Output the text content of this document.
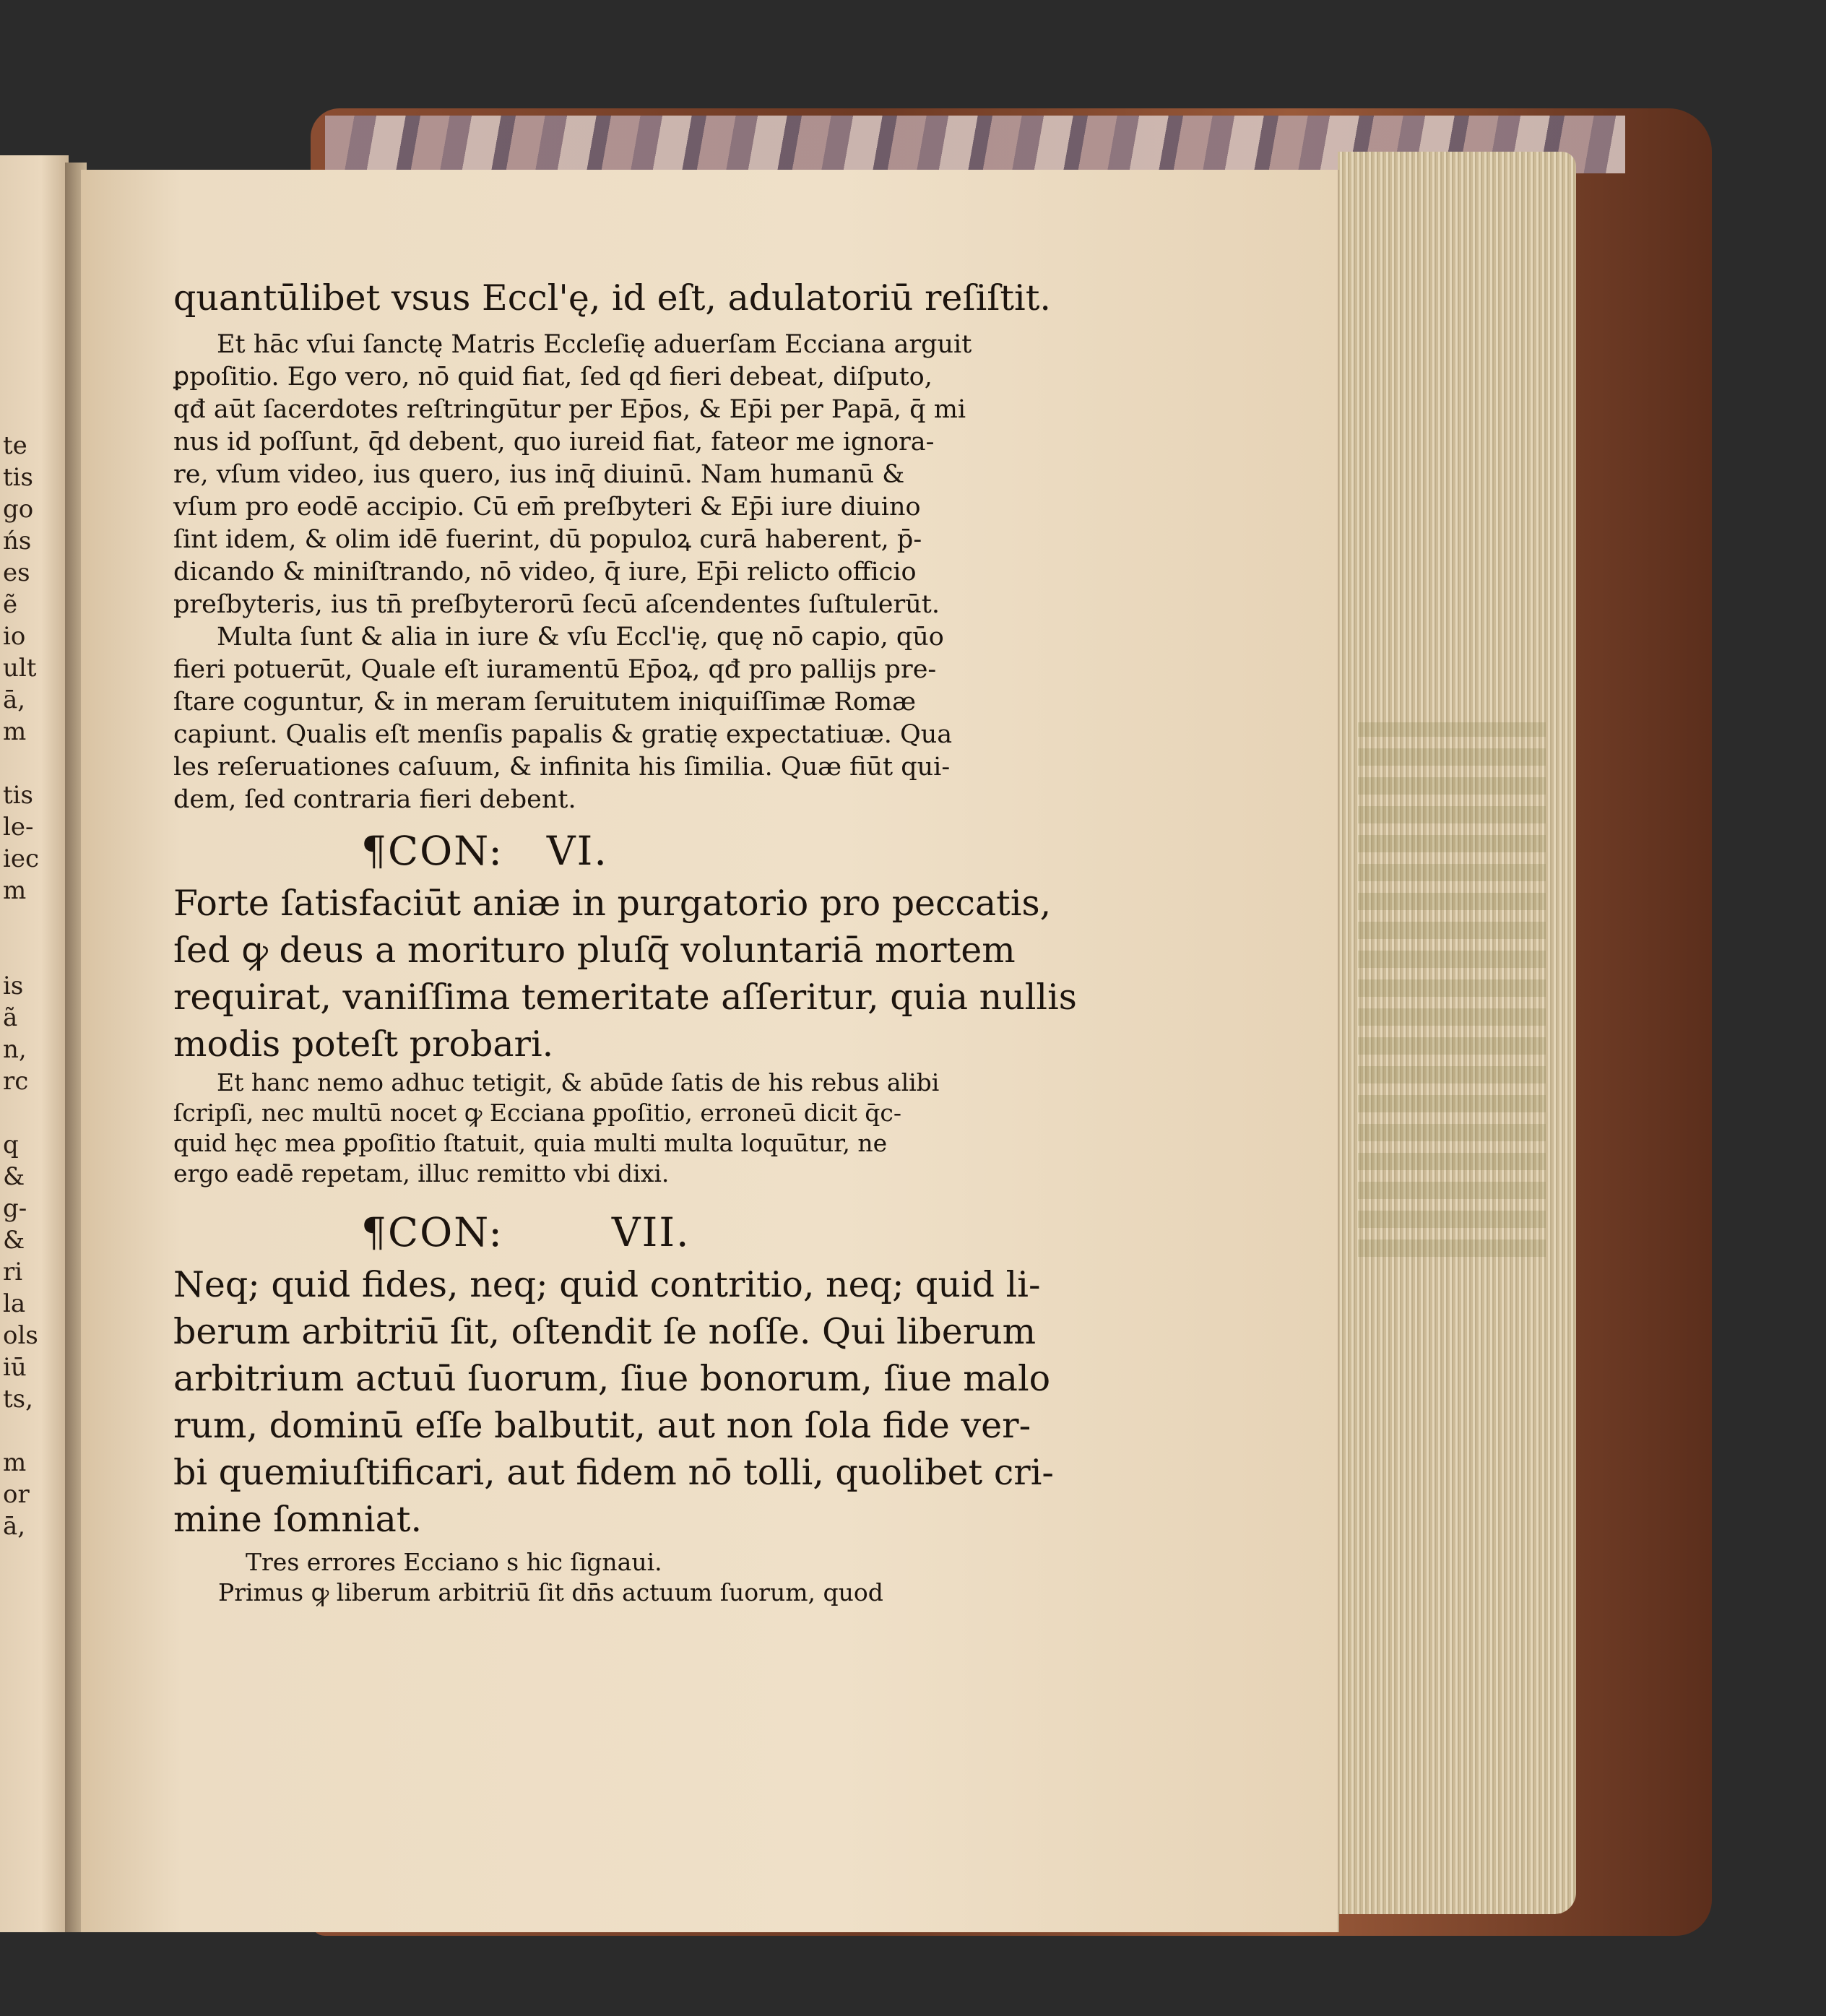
te
tis
go
ńs
es
ẽ
io
ult
ā,
m

tis
le-
iec
m

is
ã
n,
rc

q
&
g-
&
ri
la
ols
iū
ts,

m
or
ā,
quantūlibet vsus Eccl'ę, id eſt, adulatoriū reſiſtit.
Et hāc vſui ſanctę Matris Eccleſię aduerſam Ecciana arguit
ꝑpoſitio. Ego vero, nō quid fiat, ſed qd fieri debeat, diſputo,
qđ aūt ſacerdotes reſtringūtur per Ep̄os, & Ep̄i per Papā, q̄ mi
nus id poſſunt, q̄d debent, quo iureid fiat, fateor me ignora-
re, vſum video, ius quero, ius inq̄ diuinū. Nam humanū &
vſum pro eodē accipio. Cū em̄ preſbyteri & Ep̄i iure diuino
ſint idem, & olim idē fuerint, dū populoꝝ curā haberent, p̄-
dicando & miniſtrando, nō video, q̄ iure, Ep̄i relicto officio
preſbyteris, ius tn̄ preſbyterorū ſecū aſcendentes ſuſtulerūt.
Multa ſunt & alia in iure & vſu Eccl'ię, quę nō capio, qūo
fieri potuerūt, Quale eſt iuramentū Ep̄oꝝ, qđ pro pallijs pre-
ſtare coguntur, & in meram ſeruitutem iniquiſſimæ Romæ
capiunt. Qualis eſt menſis papalis & gratię expectatiuæ. Qua
les reſeruationes caſuum, & infinita his ſimilia. Quæ fiūt qui-
dem, ſed contraria fieri debent.
¶CON: VI.
Forte ſatisfaciūt aniæ in purgatorio pro peccatis,
ſed ꝙ deus a morituro pluſq̄ voluntariā mortem
requirat, vaniſſima temeritate aſſeritur, quia nullis
modis poteſt probari.
Et hanc nemo adhuc tetigit, & abūde ſatis de his rebus alibi
ſcripſi, nec multū nocet ꝙ Ecciana ꝑpoſitio, erroneū dicit q̄c-
quid hęc mea ꝑpoſitio ſtatuit, quia multi multa loquūtur, ne
ergo eadē repetam, illuc remitto vbi dixi.
¶CON:	VII.
Neq; quid fides, neq; quid contritio, neq; quid li-
berum arbitriū ſit, oſtendit ſe noſſe. Qui liberum
arbitrium actuū ſuorum, ſiue bonorum, ſiue malo
rum, dominū eſſe balbutit, aut non ſola fide ver-
bi quemiuſtificari, aut fidem nō tolli, quolibet cri-
mine ſomniat.
Tres errores Ecciano s hic ſignaui.
Primus ꝙ liberum arbitriū ſit dn̄s actuum ſuorum, quod
